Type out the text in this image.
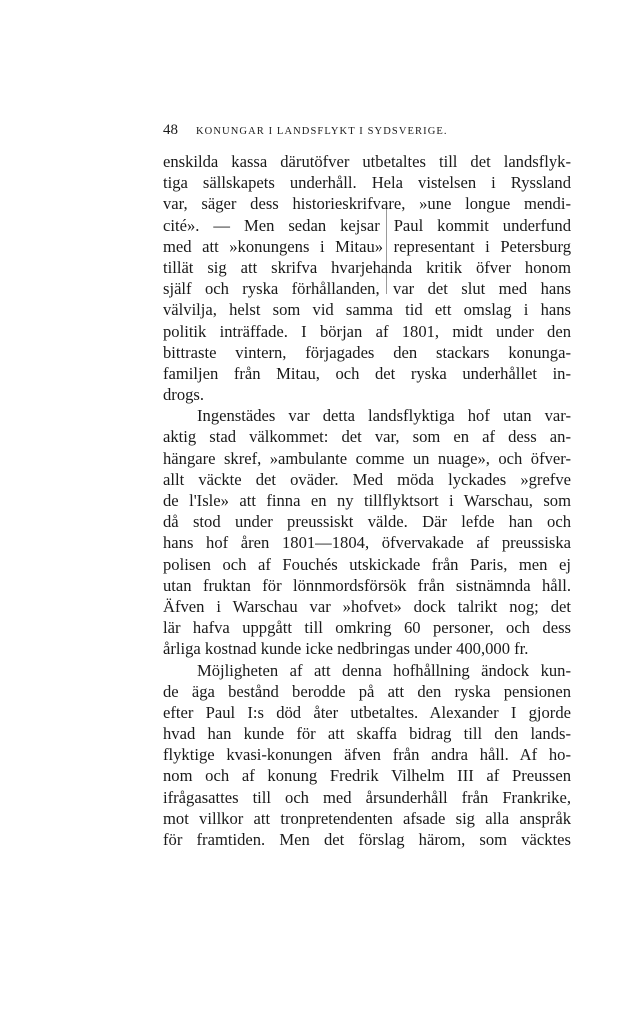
48 KONUNGAR I LANDSFLYKT I SYDSVERIGE.
enskilda kassa därutöfver utbetaltes till det landsflyk-
tiga sällskapets underhåll. Hela vistelsen i Ryssland
var, säger dess historieskrifvare, »une longue mendi-
cité». — Men sedan kejsar Paul kommit underfund
med att »konungens i Mitau» representant i Petersburg
tillät sig att skrifva hvarjehanda kritik öfver honom
själf och ryska förhållanden, var det slut med hans
välvilja, helst som vid samma tid ett omslag i hans
politik inträffade. I början af 1801, midt under den
bittraste vintern, förjagades den stackars konunga-
familjen från Mitau, och det ryska underhållet in-
drogs.
Ingenstädes var detta landsflyktiga hof utan var-
aktig stad välkommet: det var, som en af dess an-
hängare skref, »ambulante comme un nuage», och öfver-
allt väckte det oväder. Med möda lyckades »grefve
de l'Isle» att finna en ny tillflyktsort i Warschau, som
då stod under preussiskt välde. Där lefde han och
hans hof åren 1801—1804, öfvervakade af preussiska
polisen och af Fouchés utskickade från Paris, men ej
utan fruktan för lönnmordsförsök från sistnämnda håll.
Äfven i Warschau var »hofvet» dock talrikt nog; det
lär hafva uppgått till omkring 60 personer, och dess
årliga kostnad kunde icke nedbringas under 400,000 fr.
Möjligheten af att denna hofhållning ändock kun-
de äga bestånd berodde på att den ryska pensionen
efter Paul I:s död åter utbetaltes. Alexander I gjorde
hvad han kunde för att skaffa bidrag till den lands-
flyktige kvasi-konungen äfven från andra håll. Af ho-
nom och af konung Fredrik Vilhelm III af Preussen
ifrågasattes till och med årsunderhåll från Frankrike,
mot villkor att tronpretendenten afsade sig alla anspråk
för framtiden. Men det förslag härom, som väcktes
